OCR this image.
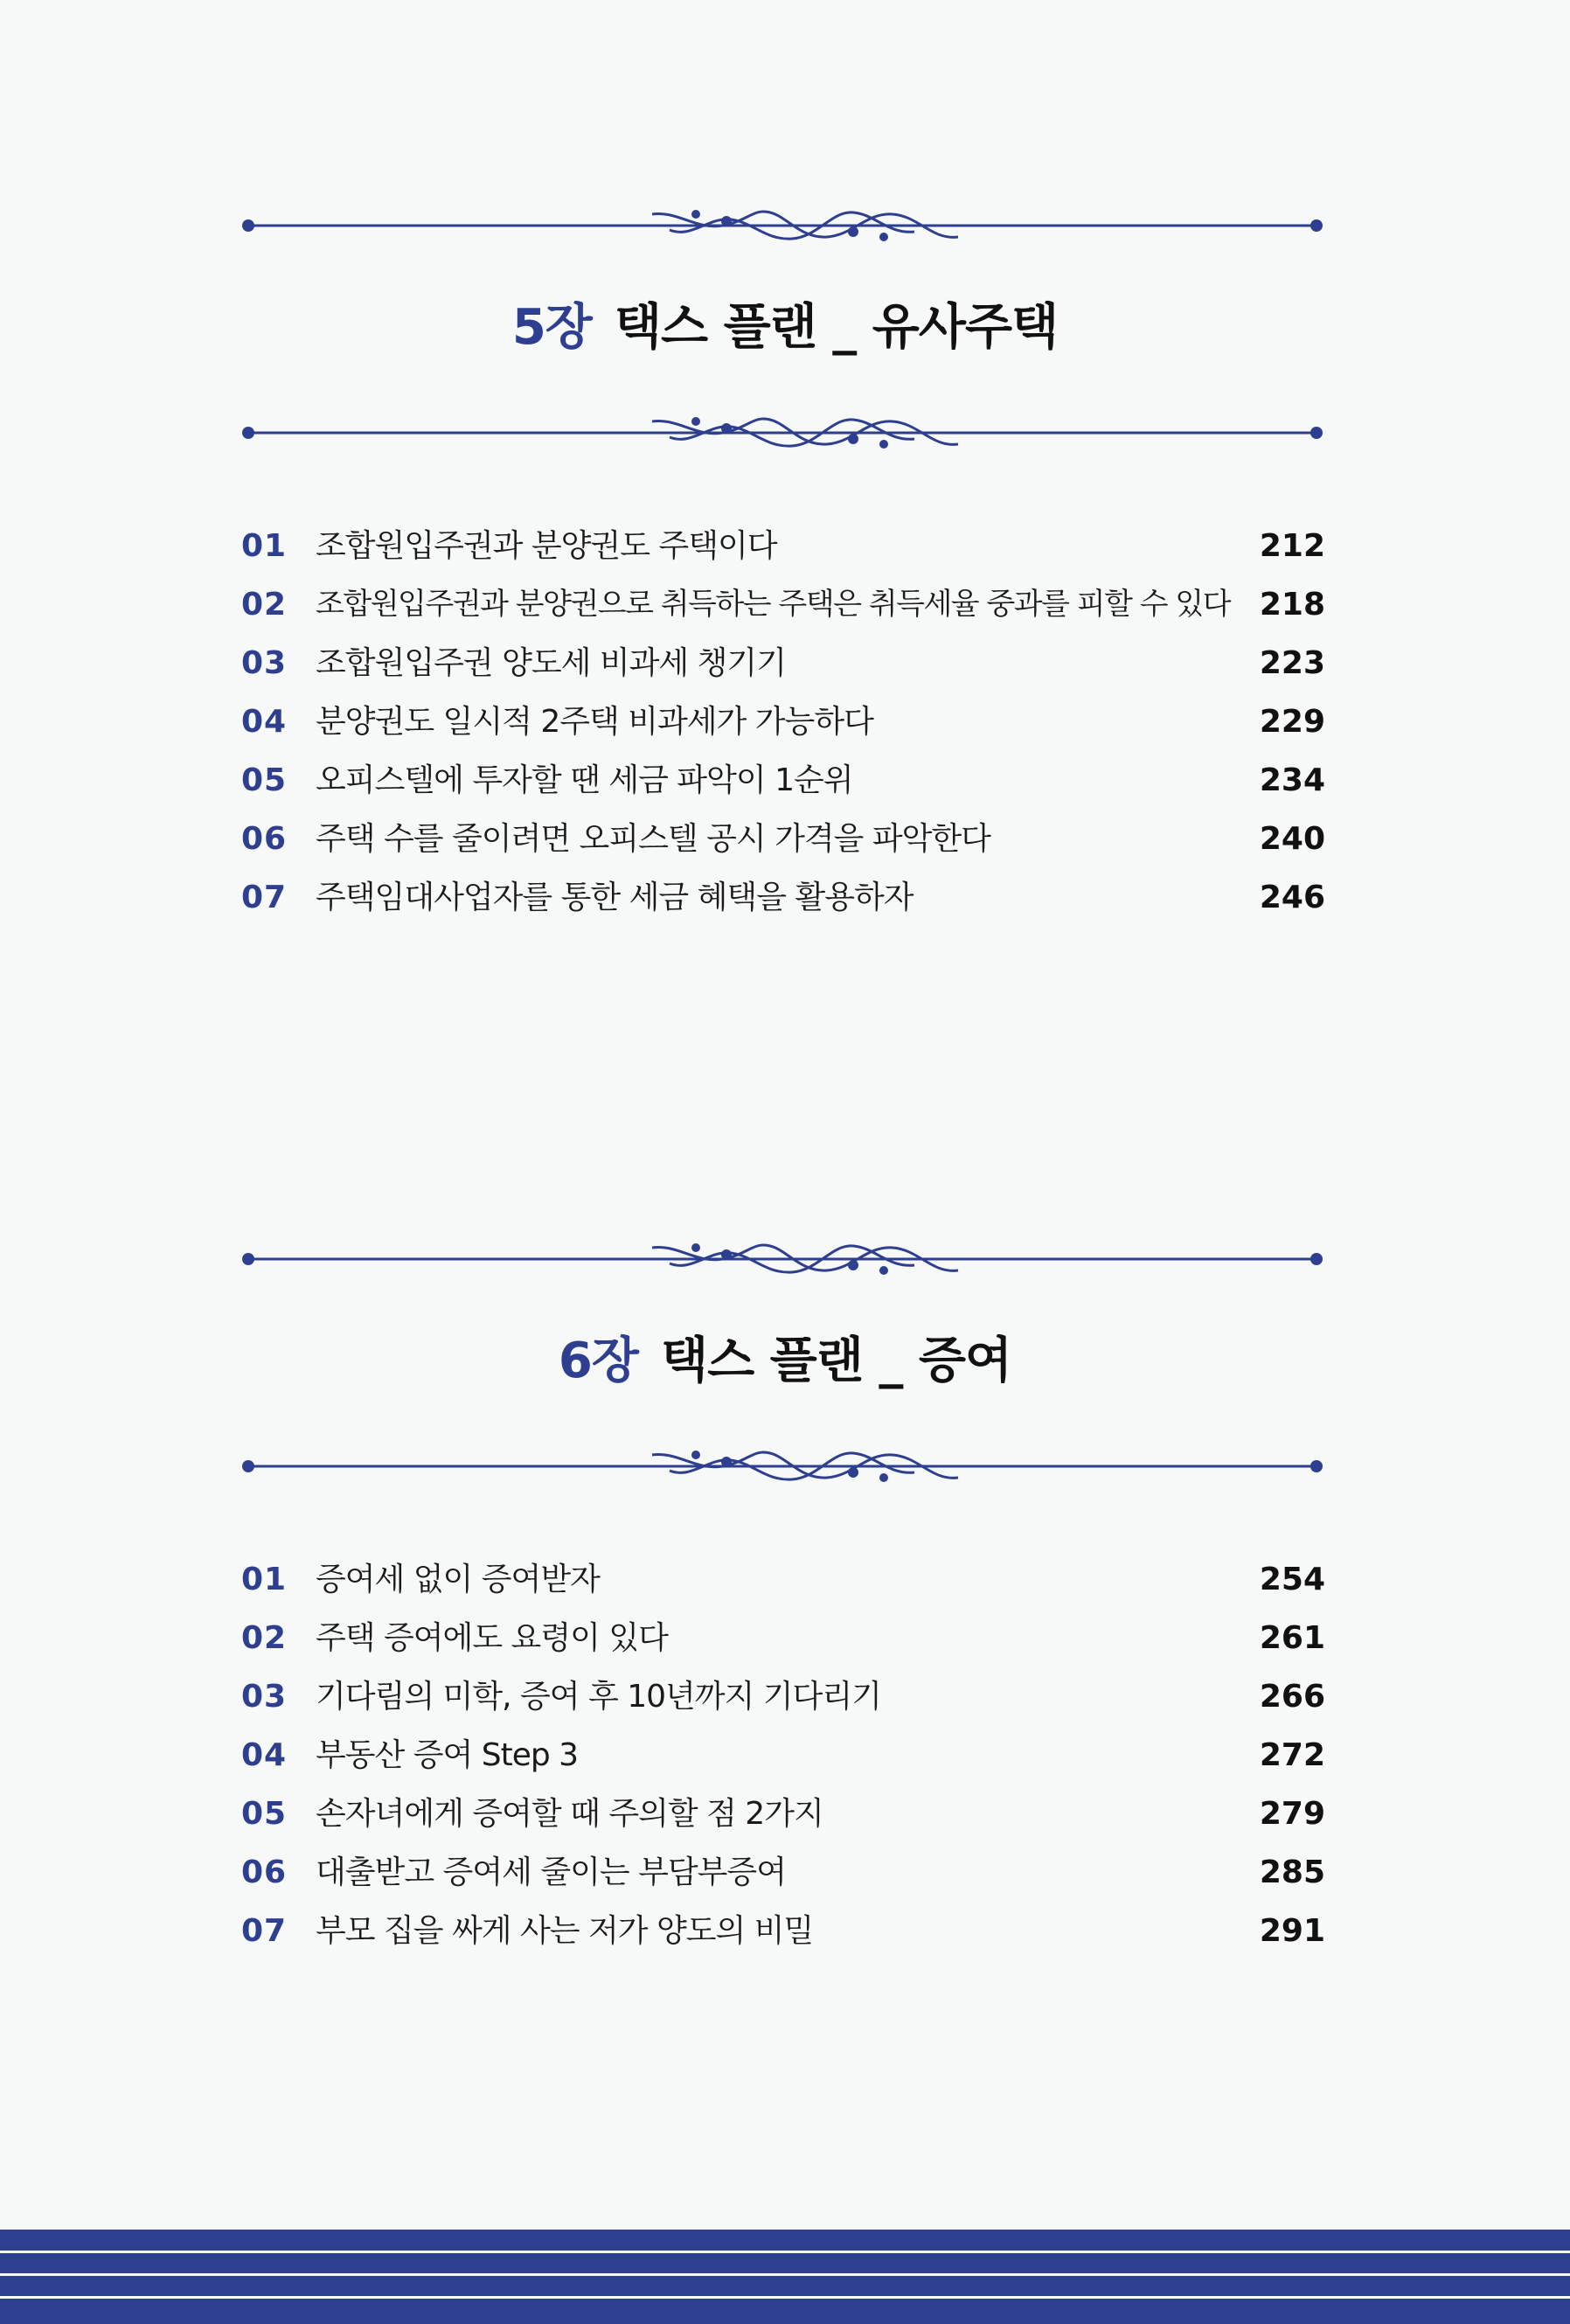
5장 택스 플랜 _ 유사주택
01 조합원입주권과 분양권도 주택이다	212
02 조합원입주권과 분양권으로 취득하는 주택은 취득세율 중과를 피할 수 있다 218
03 조합원입주권 양도세 비과세 챙기기	223
04 분양권도 일시적 2주택 비과세가 가능하다	229
05 오피스텔에 투자할 땐 세금 파악이 1순위	234
06 주택 수를 줄이려면 오피스텔 공시 가격을 파악한다	240
07 주택임대사업자를 통한 세금 혜택을 활용하자	246
6장 택스 플랜 _ 증여
01 증여세 없이 증여받자	254
02 주택 증여에도 요령이 있다	261
03 기다림의 미학, 증여 후 10년까지 기다리기	266
04 부동산 증여 Step 3	272
05 손자녀에게 증여할 때 주의할 점 2가지	279
06 대출받고 증여세 줄이는 부담부증여	285
07 부모 집을 싸게 사는 저가 양도의 비밀	291
